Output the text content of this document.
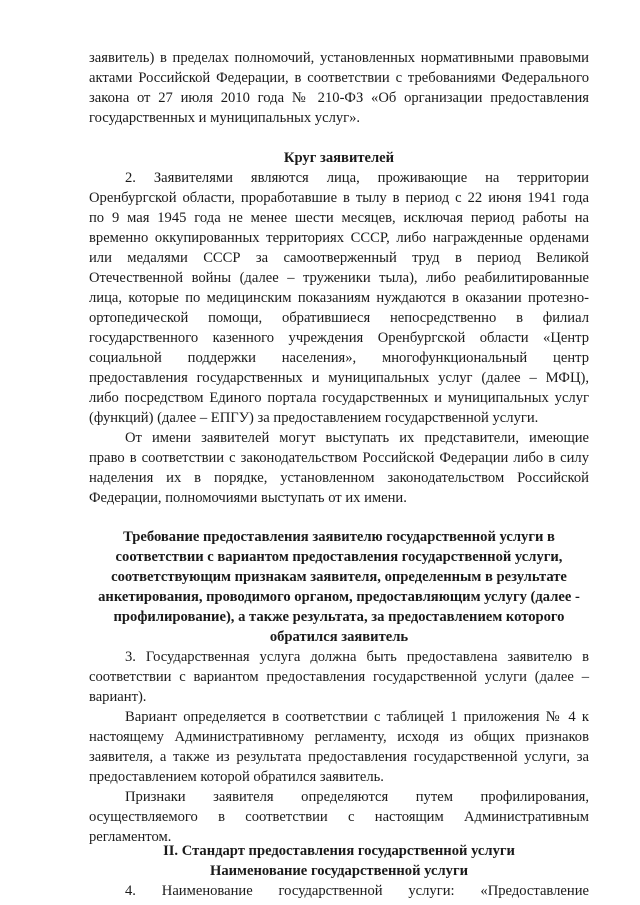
заявитель) в пределах полномочий, установленных нормативными правовыми

актами Российской Федерации, в соответствии с требованиями Федерального

закона от 27 июля 2010 года № 210-ФЗ «Об организации предоставления

государственных и муниципальных услуг».

Круг заявителей

2. Заявителями являются лица, проживающие на территории

Оренбургской области, проработавшие в тылу в период с 22 июня 1941 года

по 9 мая 1945 года не менее шести месяцев, исключая период работы на

временно оккупированных территориях СССР, либо награжденные орденами

или медалями СССР за самоотверженный труд в период Великой

Отечественной войны (далее – труженики тыла), либо реабилитированные

лица, которые по медицинским показаниям нуждаются в оказании протезно-

ортопедической помощи, обратившиеся непосредственно в филиал

государственного казенного учреждения Оренбургской области «Центр

социальной поддержки населения», многофункциональный центр

предоставления государственных и муниципальных услуг (далее – МФЦ),

либо посредством Единого портала государственных и муниципальных услуг

(функций) (далее – ЕПГУ) за предоставлением государственной услуги.

От имени заявителей могут выступать их представители, имеющие

право в соответствии с законодательством Российской Федерации либо в силу

наделения их в порядке, установленном законодательством Российской

Федерации, полномочиями выступать от их имени.

Требование предоставления заявителю государственной услуги в

соответствии с вариантом предоставления государственной услуги,

соответствующим признакам заявителя, определенным в результате

анкетирования, проводимого органом, предоставляющим услугу (далее -

профилирование), а также результата, за предоставлением которого

обратился заявитель

3. Государственная услуга должна быть предоставлена заявителю в

соответствии с вариантом предоставления государственной услуги (далее –

вариант).

Вариант определяется в соответствии с таблицей 1 приложения № 4 к

настоящему Административному регламенту, исходя из общих признаков

заявителя, а также из результата предоставления государственной услуги, за

предоставлением которой обратился заявитель.

Признаки заявителя определяются путем профилирования,

осуществляемого в соответствии с настоящим Административным

регламентом.

II. Стандарт предоставления государственной услуги
Наименование государственной услуги

4. Наименование государственной услуги: «Предоставление
